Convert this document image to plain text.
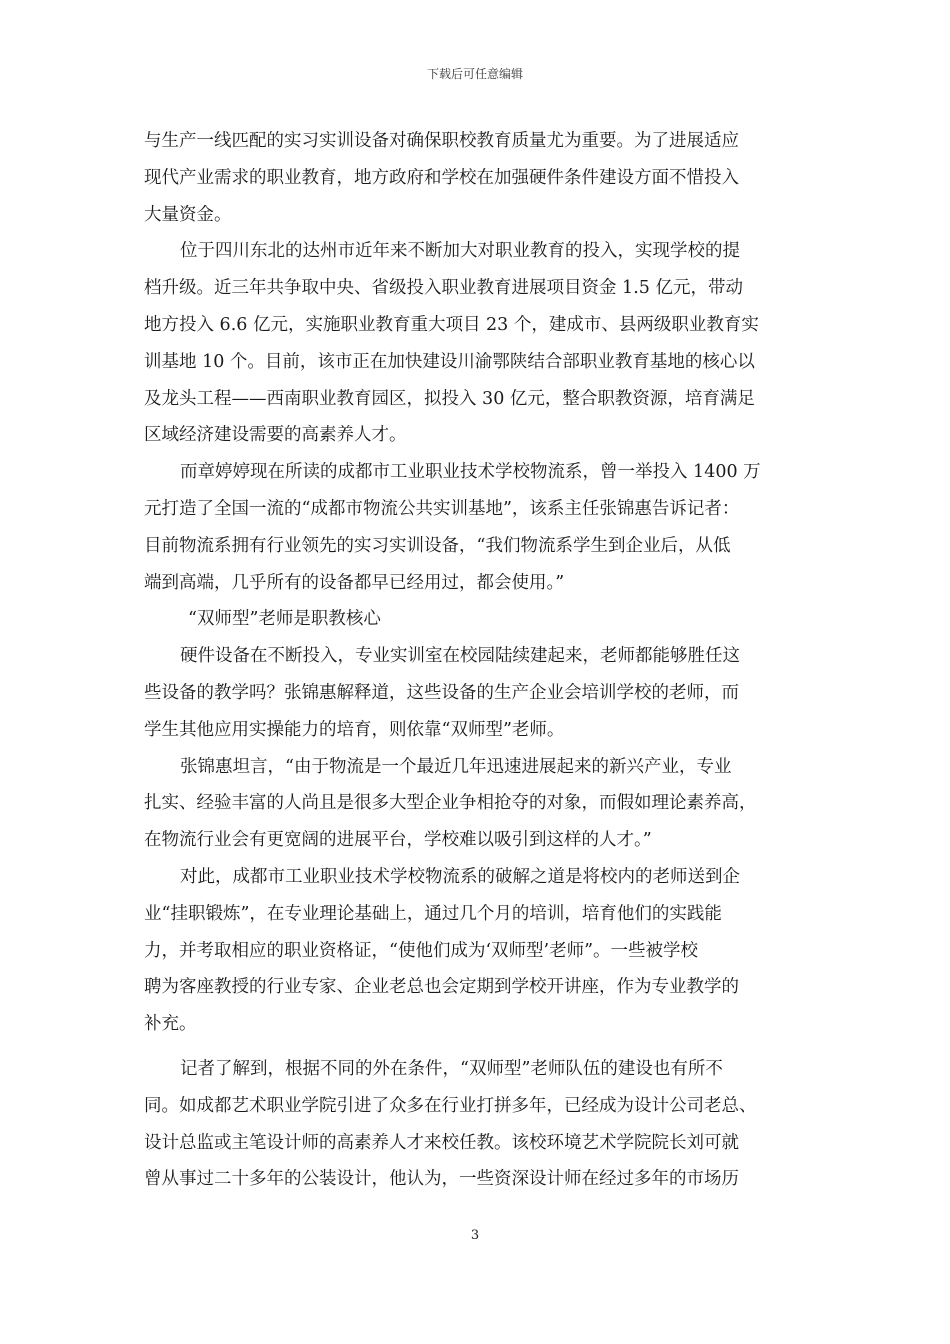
下载后可任意编辑
与生产一线匹配的实习实训设备对确保职校教育质量尤为重要。为了进展适应
现代产业需求的职业教育，地方政府和学校在加强硬件条件建设方面不惜投入
大量资金。
位于四川东北的达州市近年来不断加大对职业教育的投入，实现学校的提
档升级。近三年共争取中央、省级投入职业教育进展项目资金 1.5 亿元，带动
地方投入 6.6 亿元，实施职业教育重大项目 23 个，建成市、县两级职业教育实
训基地 10 个。目前，该市正在加快建设川渝鄂陕结合部职业教育基地的核心以
及龙头工程——西南职业教育园区，拟投入 30 亿元，整合职教资源，培育满足
区域经济建设需要的高素养人才。
而章婷婷现在所读的成都市工业职业技术学校物流系，曾一举投入 1400 万
元打造了全国一流的“成都市物流公共实训基地”，该系主任张锦惠告诉记者：
目前物流系拥有行业领先的实习实训设备，“我们物流系学生到企业后，从低
端到高端，几乎所有的设备都早已经用过，都会使用。”
“双师型”老师是职教核心
硬件设备在不断投入，专业实训室在校园陆续建起来，老师都能够胜任这
些设备的教学吗？张锦惠解释道，这些设备的生产企业会培训学校的老师，而
学生其他应用实操能力的培育，则依靠“双师型”老师。
张锦惠坦言，“由于物流是一个最近几年迅速进展起来的新兴产业，专业
扎实、经验丰富的人尚且是很多大型企业争相抢夺的对象，而假如理论素养高，
在物流行业会有更宽阔的进展平台，学校难以吸引到这样的人才。”
对此，成都市工业职业技术学校物流系的破解之道是将校内的老师送到企
业“挂职锻炼”，在专业理论基础上，通过几个月的培训，培育他们的实践能
力，并考取相应的职业资格证，“使他们成为‘双师型’老师”。一些被学校
聘为客座教授的行业专家、企业老总也会定期到学校开讲座，作为专业教学的
补充。
记者了解到，根据不同的外在条件，“双师型”老师队伍的建设也有所不
同。如成都艺术职业学院引进了众多在行业打拼多年，已经成为设计公司老总、
设计总监或主笔设计师的高素养人才来校任教。该校环境艺术学院院长刘可就
曾从事过二十多年的公装设计，他认为，一些资深设计师在经过多年的市场历
3
